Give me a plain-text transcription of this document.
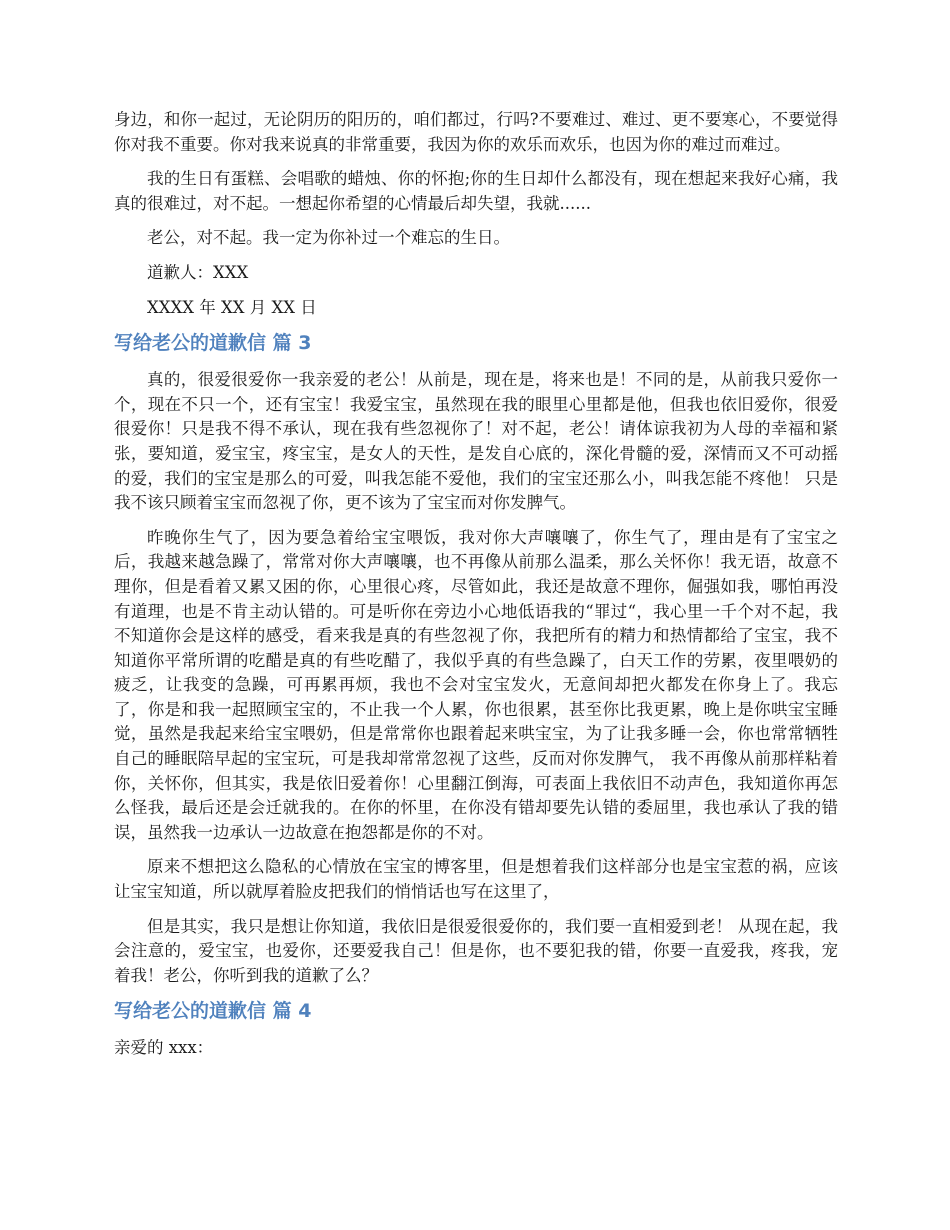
身边，和你一起过，无论阴历的阳历的，咱们都过，行吗?不要难过、难过、更不要寒心，不要觉得你对我不重要。你对我来说真的非常重要，我因为你的欢乐而欢乐，也因为你的难过而难过。

我的生日有蛋糕、会唱歌的蜡烛、你的怀抱;你的生日却什么都没有，现在想起来我好心痛，我真的很难过，对不起。一想起你希望的心情最后却失望，我就......

老公，对不起。我一定为你补过一个难忘的生日。

道歉人：XXX

XXXX 年 XX 月 XX 日

写给老公的道歉信 篇 3

真的，很爱很爱你一我亲爱的老公！从前是，现在是，将来也是！不同的是，从前我只爱你一个，现在不只一个，还有宝宝！我爱宝宝，虽然现在我的眼里心里都是他，但我也依旧爱你，很爱很爱你！只是我不得不承认，现在我有些忽视你了！对不起，老公！请体谅我初为人母的幸福和紧张，要知道，爱宝宝，疼宝宝，是女人的天性，是发自心底的，深化骨髓的爱，深情而又不可动摇的爱，我们的宝宝是那么的可爱，叫我怎能不爱他，我们的宝宝还那么小，叫我怎能不疼他！ 只是我不该只顾着宝宝而忽视了你，更不该为了宝宝而对你发脾气。

昨晚你生气了，因为要急着给宝宝喂饭，我对你大声嚷嚷了，你生气了，理由是有了宝宝之后，我越来越急躁了，常常对你大声嚷嚷，也不再像从前那么温柔，那么关怀你！我无语，故意不理你，但是看着又累又困的你，心里很心疼，尽管如此，我还是故意不理你，倔强如我，哪怕再没有道理，也是不肯主动认错的。可是听你在旁边小心地低语我的“罪过“，我心里一千个对不起，我不知道你会是这样的感受，看来我是真的有些忽视了你，我把所有的精力和热情都给了宝宝，我不知道你平常所谓的吃醋是真的有些吃醋了，我似乎真的有些急躁了，白天工作的劳累，夜里喂奶的疲乏，让我变的急躁，可再累再烦，我也不会对宝宝发火，无意间却把火都发在你身上了。我忘了，你是和我一起照顾宝宝的，不止我一个人累，你也很累，甚至你比我更累，晚上是你哄宝宝睡觉，虽然是我起来给宝宝喂奶，但是常常你也跟着起来哄宝宝，为了让我多睡一会，你也常常牺牲自己的睡眠陪早起的宝宝玩，可是我却常常忽视了这些，反而对你发脾气， 我不再像从前那样粘着你，关怀你，但其实，我是依旧爱着你！心里翻江倒海，可表面上我依旧不动声色，我知道你再怎么怪我，最后还是会迁就我的。在你的怀里，在你没有错却要先认错的委屈里，我也承认了我的错误，虽然我一边承认一边故意在抱怨都是你的不对。

原来不想把这么隐私的心情放在宝宝的博客里，但是想着我们这样部分也是宝宝惹的祸，应该让宝宝知道，所以就厚着脸皮把我们的悄悄话也写在这里了，

但是其实，我只是想让你知道，我依旧是很爱很爱你的，我们要一直相爱到老！ 从现在起，我会注意的，爱宝宝，也爱你，还要爱我自己！但是你，也不要犯我的错，你要一直爱我，疼我，宠着我！老公，你听到我的道歉了么？

写给老公的道歉信 篇 4

亲爱的 xxx：
